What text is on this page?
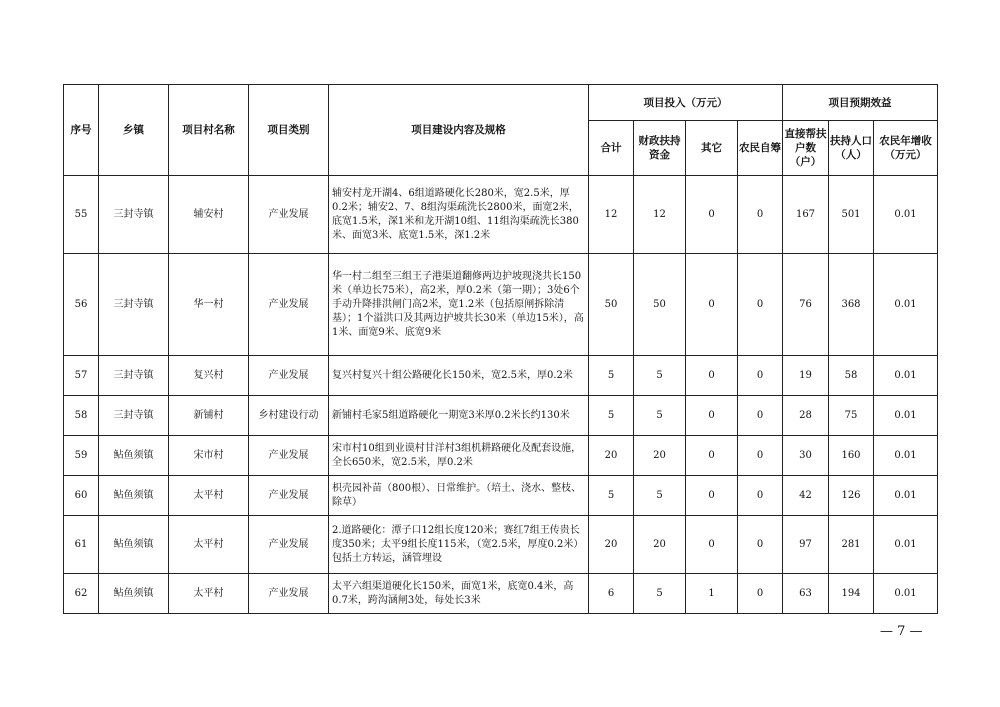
序号	乡镇	项目村名称	项目类别	项目建设内容及规格	项目投入（万元）				项目预期效益		
					合计	财政扶持资金	其它	农民自筹	直接帮扶户数（户）	扶持人口（人）	农民年增收（万元）
55	三封寺镇	辅安村	产业发展	辅安村龙开湖4、6组道路硬化长280米，宽2.5米，厚0.2米；辅安2、7、8组沟渠疏洗长2800米，面宽2米，底宽1.5米，深1米和龙开湖10组、11组沟渠疏洗长380米、面宽3米、底宽1.5米，深1.2米	12	12	0	0	167	501	0.01
56	三封寺镇	华一村	产业发展	华一村二组至三组王子港渠道翻修两边护坡现浇共长150米（单边长75米），高2米，厚0.2米（第一期）；3处6个手动升降排洪闸门高2米，宽1.2米（包括原闸拆除清基）；1个溢洪口及其两边护坡共长30米（单边15米），高1米、面宽9米、底宽9米	50	50	0	0	76	368	0.01
57	三封寺镇	复兴村	产业发展	复兴村复兴十组公路硬化长150米，宽2.5米，厚0.2米	5	5	0	0	19	58	0.01
58	三封寺镇	新铺村	乡村建设行动	新铺村毛家5组道路硬化一期宽3米厚0.2米长约130米	5	5	0	0	28	75	0.01
59	鲇鱼须镇	宋市村	产业发展	宋市村10组到业谟村甘洋村3组机耕路硬化及配套设施，全长650米，宽2.5米，厚0.2米	20	20	0	0	30	160	0.01
60	鲇鱼须镇	太平村	产业发展	枳壳园补苗（800根）、日常维护。（培土、浇水、整枝、除草）	5	5	0	0	42	126	0.01
61	鲇鱼须镇	太平村	产业发展	2.道路硬化：潭子口12组长度120米；赛红7组王传贵长度350米；太平9组长度115米，（宽2.5米，厚度0.2米）包括土方转运，涵管埋设	20	20	0	0	97	281	0.01
62	鲇鱼须镇	太平村	产业发展	太平六组渠道硬化长150米，面宽1米，底宽0.4米，高0.7米，跨沟涵闸3处，每处长3米	6	5	1	0	63	194	0.01
— 7 —
